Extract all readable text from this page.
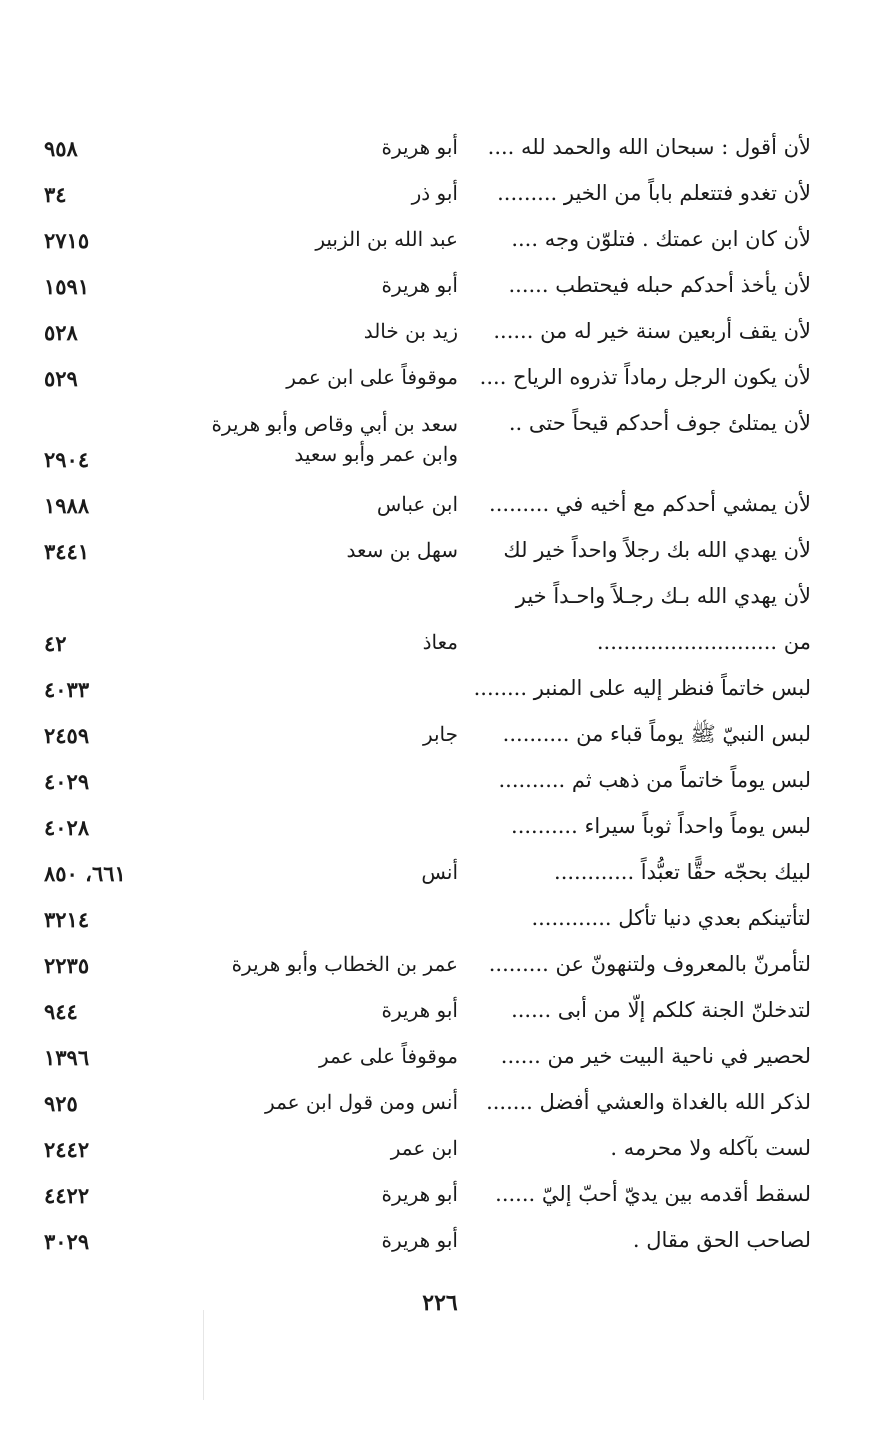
لأن أقول : سبحان الله والحمد لله ....
أبو هريرة
٩٥٨
لأن تغدو فتتعلم باباً من الخير .........
أبو ذر
٣٤
لأن كان ابن عمتك . فتلوّن وجه ....
عبد الله بن الزبير
٢٧١٥
لأن يأخذ أحدكم حبله فيحتطب ......
أبو هريرة
١٥٩١
لأن يقف أربعين سنة خير له من ......
زيد بن خالد
٥٢٨
لأن يكون الرجل رماداً تذروه الرياح ....
موقوفاً على ابن عمر
٥٢٩
لأن يمتلئ جوف أحدكم قيحاً حتى ..
سعد بن أبي وقاص وأبو هريرة وابن عمر وأبو سعيد
٢٩٠٤
لأن يمشي أحدكم مع أخيه في .........
ابن عباس
١٩٨٨
لأن يهدي الله بك رجلاً واحداً خير لك
سهل بن سعد
٣٤٤١
لأن يهدي الله بـك رجـلاً واحـداً خير
من ...........................
معاذ
٤٢
لبس خاتماً فنظر إليه على المنبر ........
٤٠٣٣
لبس النبيّ ﷺ يوماً قباء من ..........
جابر
٢٤٥٩
لبس يوماً خاتماً من ذهب ثم ..........
٤٠٢٩
لبس يوماً واحداً ثوباً سيراء ..........
٤٠٢٨
لبيك بحجّه حقًّا تعبُّداً ............
أنس
٦٦١، ٨٥٠
لتأتينكم بعدي دنيا تأكل ............
٣٢١٤
لتأمرنّ بالمعروف ولتنهونّ عن .........
عمر بن الخطاب وأبو هريرة
٢٢٣٥
لتدخلنّ الجنة كلكم إلّا من أبى ......
أبو هريرة
٩٤٤
لحصير في ناحية البيت خير من ......
موقوفاً على عمر
١٣٩٦
لذكر الله بالغداة والعشي أفضل .......
أنس ومن قول ابن عمر
٩٢٥
لست بآكله ولا محرمه .
ابن عمر
٢٤٤٢
لسقط أقدمه بين يديّ أحبّ إليّ ......
أبو هريرة
٤٤٢٢
لصاحب الحق مقال .
أبو هريرة
٣٠٢٩
٢٢٦
